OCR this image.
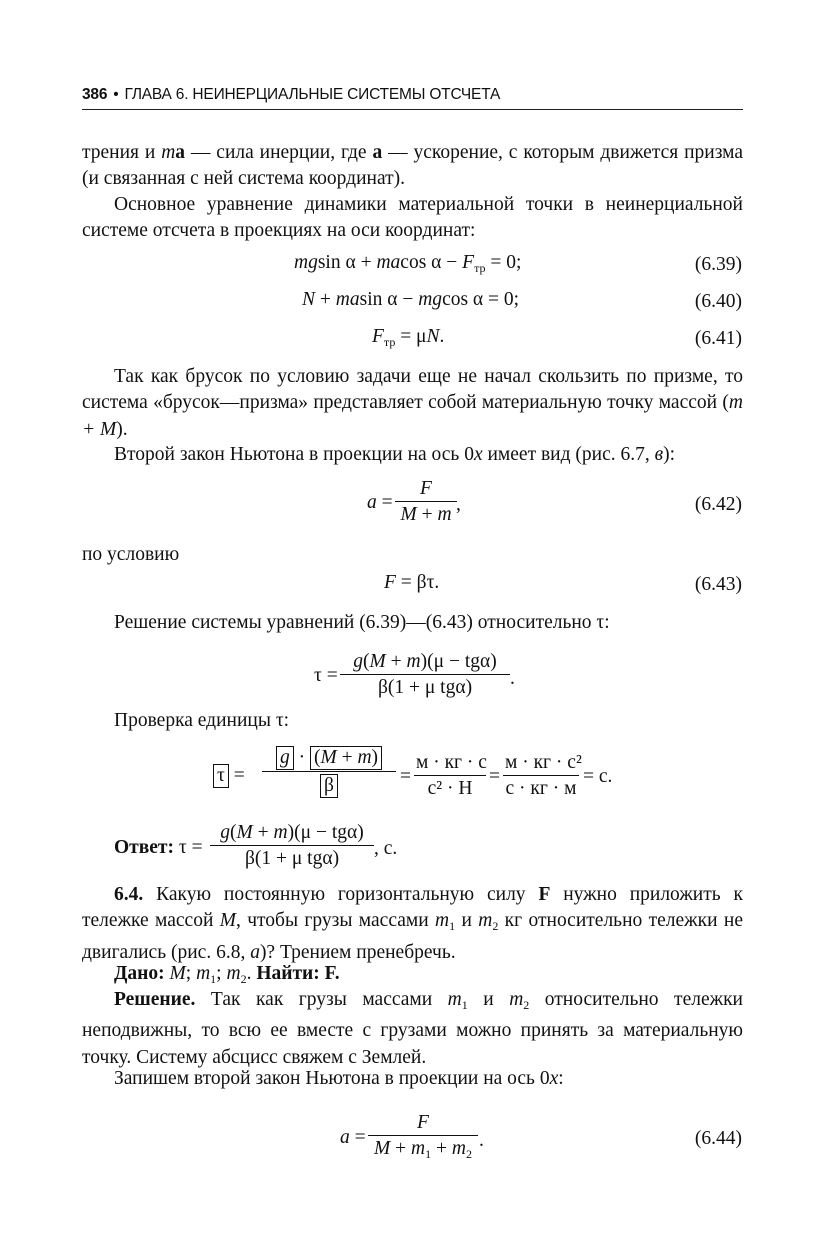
386 • ГЛАВА 6. НЕИНЕРЦИАЛЬНЫЕ СИСТЕМЫ ОТСЧЕТА
трения и ma — сила инерции, где a — ускорение, с которым движется призма (и связанная с ней система координат).
Основное уравнение динамики материальной точки в неинерциальной системе отсчета в проекциях на оси координат:
mgsin α + macos $\alpha - F_{тр} = 0$;	(6.39)
N + masin α − mgcos α = 0;	(6.40)
$F_{тр} = \mu N$.	(6.41)
Так как брусок по условию задачи еще не начал скользить по призме, то система «брусок—призма» представляет собой материальную точку массой (m + M).
Второй закон Ньютона в проекции на ось 0x имеет вид (рис. 6.7, в):
a =
F
M + m ,	(6.42)
по условию
F = βτ.	(6.43)
Решение системы уравнений (6.39)—(6.43) относительно τ:
τ =
g(M + m)(μ − tgα)
β(1 + μ tgα)	.
Проверка единицы τ:
τ =
g · (M + m)
β	=
м · кг · с
с² · Н
=
м · кг · с²
с · кг · м
= с.
Ответ: τ =
g(M + m)(μ − tgα)
β(1 + μ tgα)	, с.
6.4. Какую постоянную горизонтальную силу F нужно приложить к тележке массой M, чтобы грузы массами $m_1$ и $m_2$ кг относительно тележки не двигались (рис. 6.8, а)? Трением пренебречь.
Дано: M; $m_1$; $m_2$. Найти: F.
Решение. Так как грузы массами $m_1$ и $m_2$ относительно тележки неподвижны, то всю ее вместе с грузами можно принять за материальную точку. Систему абсцисс свяжем с Землей.
Запишем второй закон Ньютона в проекции на ось 0x:
a =
F
$M + m_1 + m_2$
.	(6.44)
